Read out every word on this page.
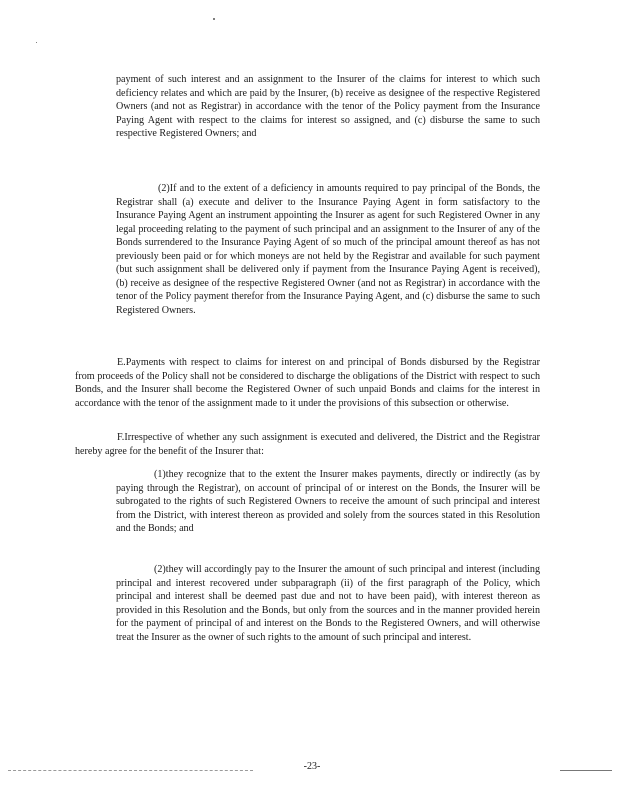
payment of such interest and an assignment to the Insurer of the claims for interest to which such deficiency relates and which are paid by the Insurer, (b) receive as designee of the respective Registered Owners (and not as Registrar) in accordance with the tenor of the Policy payment from the Insurance Paying Agent with respect to the claims for interest so assigned, and (c) disburse the same to such respective Registered Owners; and

(2)If and to the extent of a deficiency in amounts required to pay principal of the Bonds, the Registrar shall (a) execute and deliver to the Insurance Paying Agent in form satisfactory to the Insurance Paying Agent an instrument appointing the Insurer as agent for such Registered Owner in any legal proceeding relating to the payment of such principal and an assignment to the Insurer of any of the Bonds surrendered to the Insurance Paying Agent of so much of the principal amount thereof as has not previously been paid or for which moneys are not held by the Registrar and available for such payment (but such assignment shall be delivered only if payment from the Insurance Paying Agent is received), (b) receive as designee of the respective Registered Owner (and not as Registrar) in accordance with the tenor of the Policy payment therefor from the Insurance Paying Agent, and (c) disburse the same to such Registered Owners.

E.Payments with respect to claims for interest on and principal of Bonds disbursed by the Registrar from proceeds of the Policy shall not be considered to discharge the obligations of the District with respect to such Bonds, and the Insurer shall become the Registered Owner of such unpaid Bonds and claims for the interest in accordance with the tenor of the assignment made to it under the provisions of this subsection or otherwise.

F.Irrespective of whether any such assignment is executed and delivered, the District and the Registrar hereby agree for the benefit of the Insurer that:

(1)they recognize that to the extent the Insurer makes payments, directly or indirectly (as by paying through the Registrar), on account of principal of or interest on the Bonds, the Insurer will be subrogated to the rights of such Registered Owners to receive the amount of such principal and interest from the District, with interest thereon as provided and solely from the sources stated in this Resolution and the Bonds; and

(2)they will accordingly pay to the Insurer the amount of such principal and interest (including principal and interest recovered under subparagraph (ii) of the first paragraph of the Policy, which principal and interest shall be deemed past due and not to have been paid), with interest thereon as provided in this Resolution and the Bonds, but only from the sources and in the manner provided herein for the payment of principal of and interest on the Bonds to the Registered Owners, and will otherwise treat the Insurer as the owner of such rights to the amount of such principal and interest.

-23-
